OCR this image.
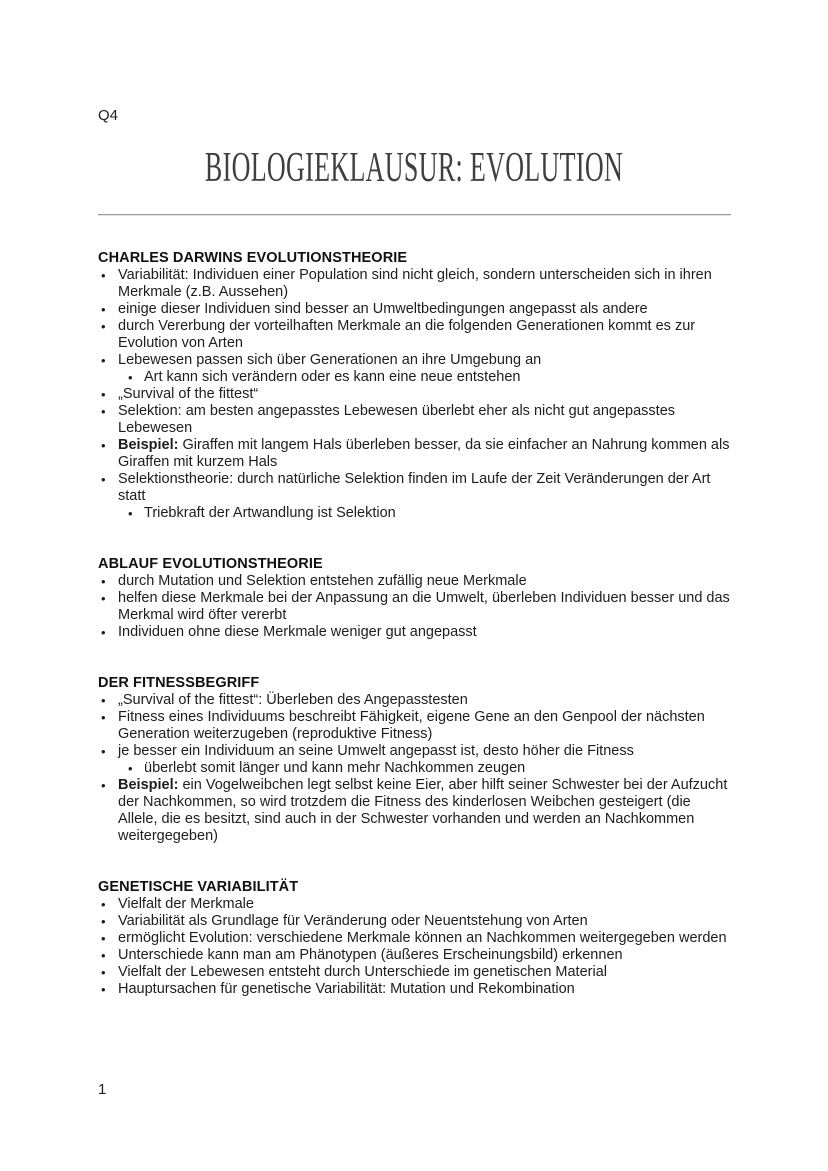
Q4
BIOLOGIEKLAUSUR: EVOLUTION
CHARLES DARWINS EVOLUTIONSTHEORIE
• Variabilität: Individuen einer Population sind nicht gleich, sondern unterscheiden sich in ihren Merkmale (z.B. Aussehen)
• einige dieser Individuen sind besser an Umweltbedingungen angepasst als andere
• durch Vererbung der vorteilhaften Merkmale an die folgenden Generationen kommt es zur Evolution von Arten
• Lebewesen passen sich über Generationen an ihre Umgebung an
• Art kann sich verändern oder es kann eine neue entstehen
• „Survival of the fittest“
• Selektion: am besten angepasstes Lebewesen überlebt eher als nicht gut angepasstes Lebewesen
• Beispiel: Giraffen mit langem Hals überleben besser, da sie einfacher an Nahrung kommen als Giraffen mit kurzem Hals
• Selektionstheorie: durch natürliche Selektion finden im Laufe der Zeit Veränderungen der Art statt
• Triebkraft der Artwandlung ist Selektion
ABLAUF EVOLUTIONSTHEORIE
• durch Mutation und Selektion entstehen zufällig neue Merkmale
• helfen diese Merkmale bei der Anpassung an die Umwelt, überleben Individuen besser und das Merkmal wird öfter vererbt
• Individuen ohne diese Merkmale weniger gut angepasst
DER FITNESSBEGRIFF
• „Survival of the fittest“: Überleben des Angepasstesten
• Fitness eines Individuums beschreibt Fähigkeit, eigene Gene an den Genpool der nächsten Generation weiterzugeben (reproduktive Fitness)
• je besser ein Individuum an seine Umwelt angepasst ist, desto höher die Fitness
• überlebt somit länger und kann mehr Nachkommen zeugen
• Beispiel: ein Vogelweibchen legt selbst keine Eier, aber hilft seiner Schwester bei der Aufzucht der Nachkommen, so wird trotzdem die Fitness des kinderlosen Weibchen gesteigert (die Allele, die es besitzt, sind auch in der Schwester vorhanden und werden an Nachkommen weitergegeben)
GENETISCHE VARIABILITÄT
• Vielfalt der Merkmale
• Variabilität als Grundlage für Veränderung oder Neuentstehung von Arten
• ermöglicht Evolution: verschiedene Merkmale können an Nachkommen weitergegeben werden
• Unterschiede kann man am Phänotypen (äußeres Erscheinungsbild) erkennen
• Vielfalt der Lebewesen entsteht durch Unterschiede im genetischen Material
• Hauptursachen für genetische Variabilität: Mutation und Rekombination
1
